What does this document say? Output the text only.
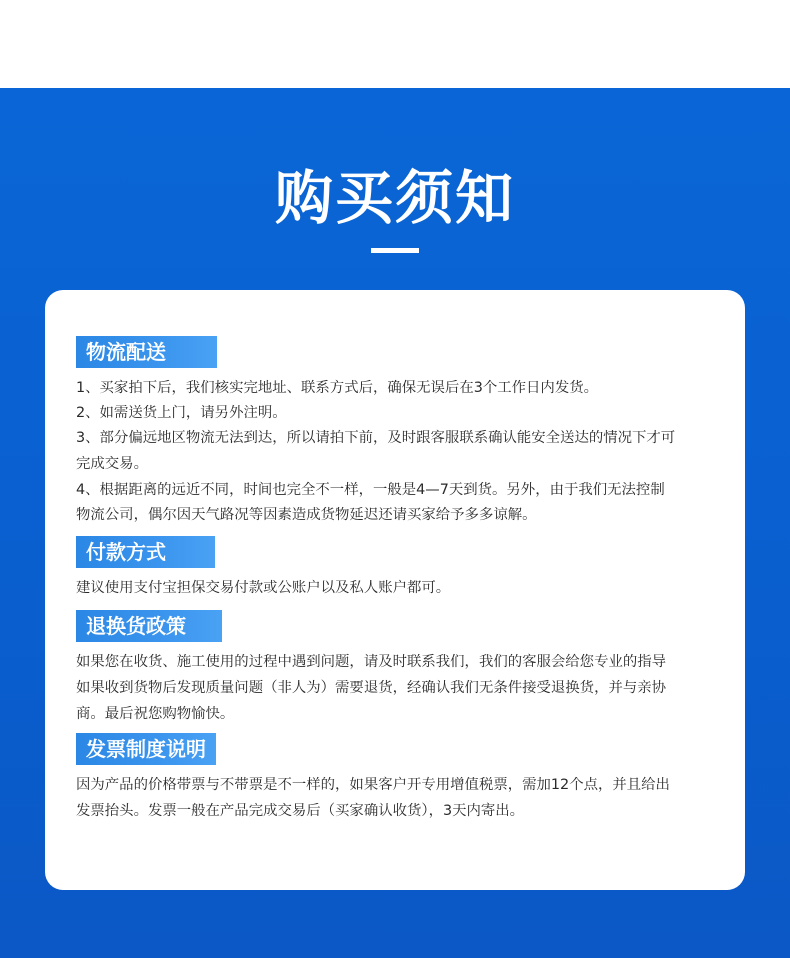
购买须知
物流配送

1、买家拍下后，我们核实完地址、联系方式后，确保无误后在3个工作日内发货。

2、如需送货上门，请另外注明。

3、部分偏远地区物流无法到达，所以请拍下前，及时跟客服联系确认能安全送达的情况下才可

完成交易。

4、根据距离的远近不同，时间也完全不一样，一般是4—7天到货。另外，由于我们无法控制

物流公司，偶尔因天气路况等因素造成货物延迟还请买家给予多多谅解。

付款方式

建议使用支付宝担保交易付款或公账户以及私人账户都可。

退换货政策

如果您在收货、施工使用的过程中遇到问题，请及时联系我们，我们的客服会给您专业的指导

如果收到货物后发现质量问题（非人为）需要退货，经确认我们无条件接受退换货，并与亲协

商。最后祝您购物愉快。

发票制度说明

因为产品的价格带票与不带票是不一样的，如果客户开专用增值税票，需加12个点，并且给出

发票抬头。发票一般在产品完成交易后（买家确认收货），3天内寄出。
